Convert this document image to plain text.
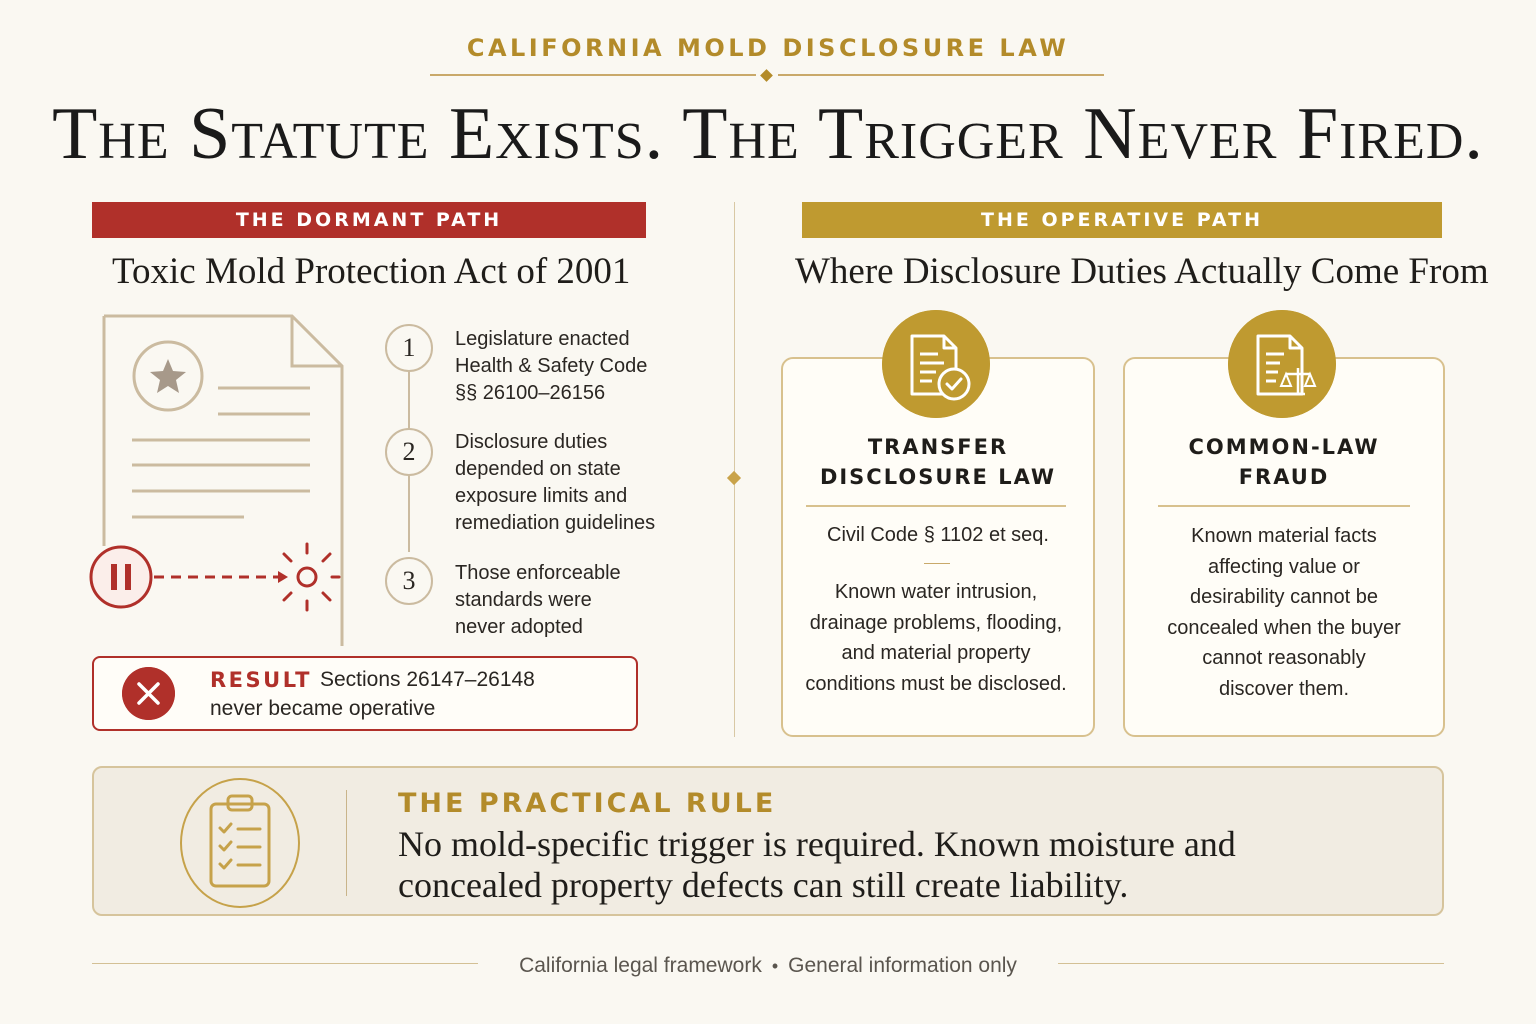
CALIFORNIA MOLD DISCLOSURE LAW
The Statute Exists. The Trigger Never Fired.
THE DORMANT PATH	THE OPERATIVE PATH
Toxic Mold Protection Act of 2001	Where Disclosure Duties Actually Come From
1	Legislature enacted
Health & Safety Code
§§ 26100–26156
2	Disclosure duties
depended on state
exposure limits and
remediation guidelines
3	Those enforceable
standards were
never adopted
RESULT Sections 26147–26148
never became operative
TRANSFER
DISCLOSURE LAW
Civil Code § 1102 et seq.
Known water intrusion,
drainage problems, flooding,
and material property
conditions must be disclosed.
COMMON-LAW
FRAUD
Known material facts
affecting value or
desirability cannot be
concealed when the buyer
cannot reasonably
discover them.
THE PRACTICAL RULE
No mold-specific trigger is required. Known moisture and
concealed property defects can still create liability.
California legal framework • General information only
